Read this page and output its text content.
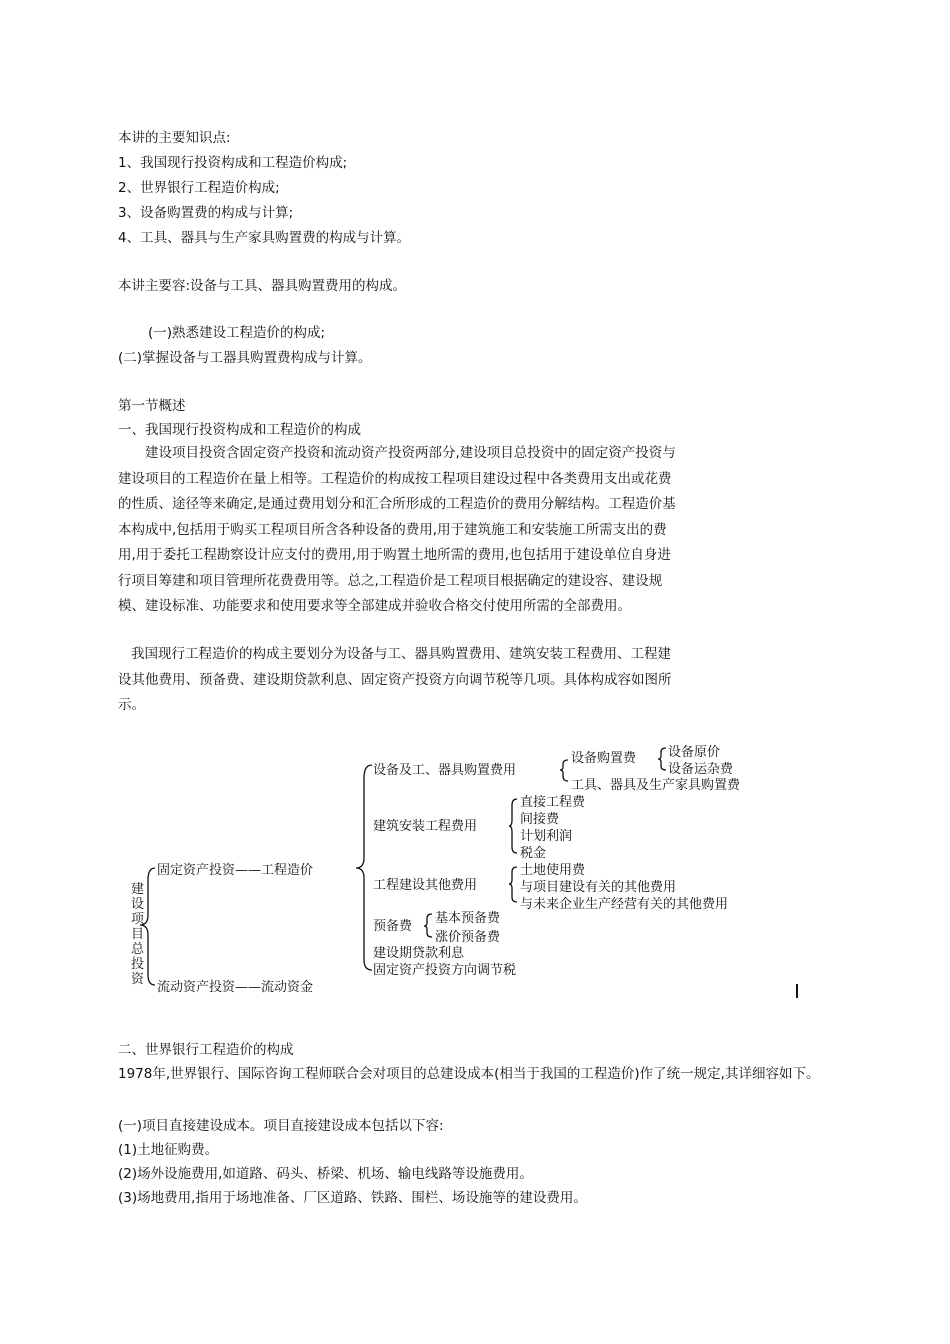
本讲的主要知识点:
1、我国现行投资构成和工程造价构成;
2、世界银行工程造价构成;
3、设备购置费的构成与计算;
4、工具、器具与生产家具购置费的构成与计算。
本讲主要容:设备与工具、器具购置费用的构成。
(一)熟悉建设工程造价的构成;
(二)掌握设备与工器具购置费构成与计算。
第一节概述
一、我国现行投资构成和工程造价的构成
建设项目投资含固定资产投资和流动资产投资两部分,建设项目总投资中的固定资产投资与建设项目的工程造价在量上相等。工程造价的构成按工程项目建设过程中各类费用支出或花费的性质、途径等来确定,是通过费用划分和汇合所形成的工程造价的费用分解结构。工程造价基本构成中,包括用于购买工程项目所含各种设备的费用,用于建筑施工和安装施工所需支出的费用,用于委托工程勘察设计应支付的费用,用于购置土地所需的费用,也包括用于建设单位自身进行项目筹建和项目管理所花费费用等。总之,工程造价是工程项目根据确定的建设容、建设规模、建设标准、功能要求和使用要求等全部建成并验收合格交付使用所需的全部费用。
我国现行工程造价的构成主要划分为设备与工、器具购置费用、建筑安装工程费用、工程建设其他费用、预备费、建设期贷款利息、固定资产投资方向调节税等几项。具体构成容如图所示。
建设项目总投资
固定资产投资——工程造价
流动资产投资——流动资金
设备及工、器具购置费用
设备购置费 设备原价
设备运杂费
工具、器具及生产家具购置费
建筑安装工程费用
直接工程费
间接费
计划利润
税金
工程建设其他费用
土地使用费
与项目建设有关的其他费用
与未来企业生产经营有关的其他费用
预备费
基本预备费
涨价预备费
建设期贷款利息
固定资产投资方向调节税
二、世界银行工程造价的构成
1978年,世界银行、国际咨询工程师联合会对项目的总建设成本(相当于我国的工程造价)作了统一规定,其详细容如下。
(一)项目直接建设成本。项目直接建设成本包括以下容:
(1)土地征购费。
(2)场外设施费用,如道路、码头、桥梁、机场、输电线路等设施费用。
(3)场地费用,指用于场地准备、厂区道路、铁路、围栏、场设施等的建设费用。
